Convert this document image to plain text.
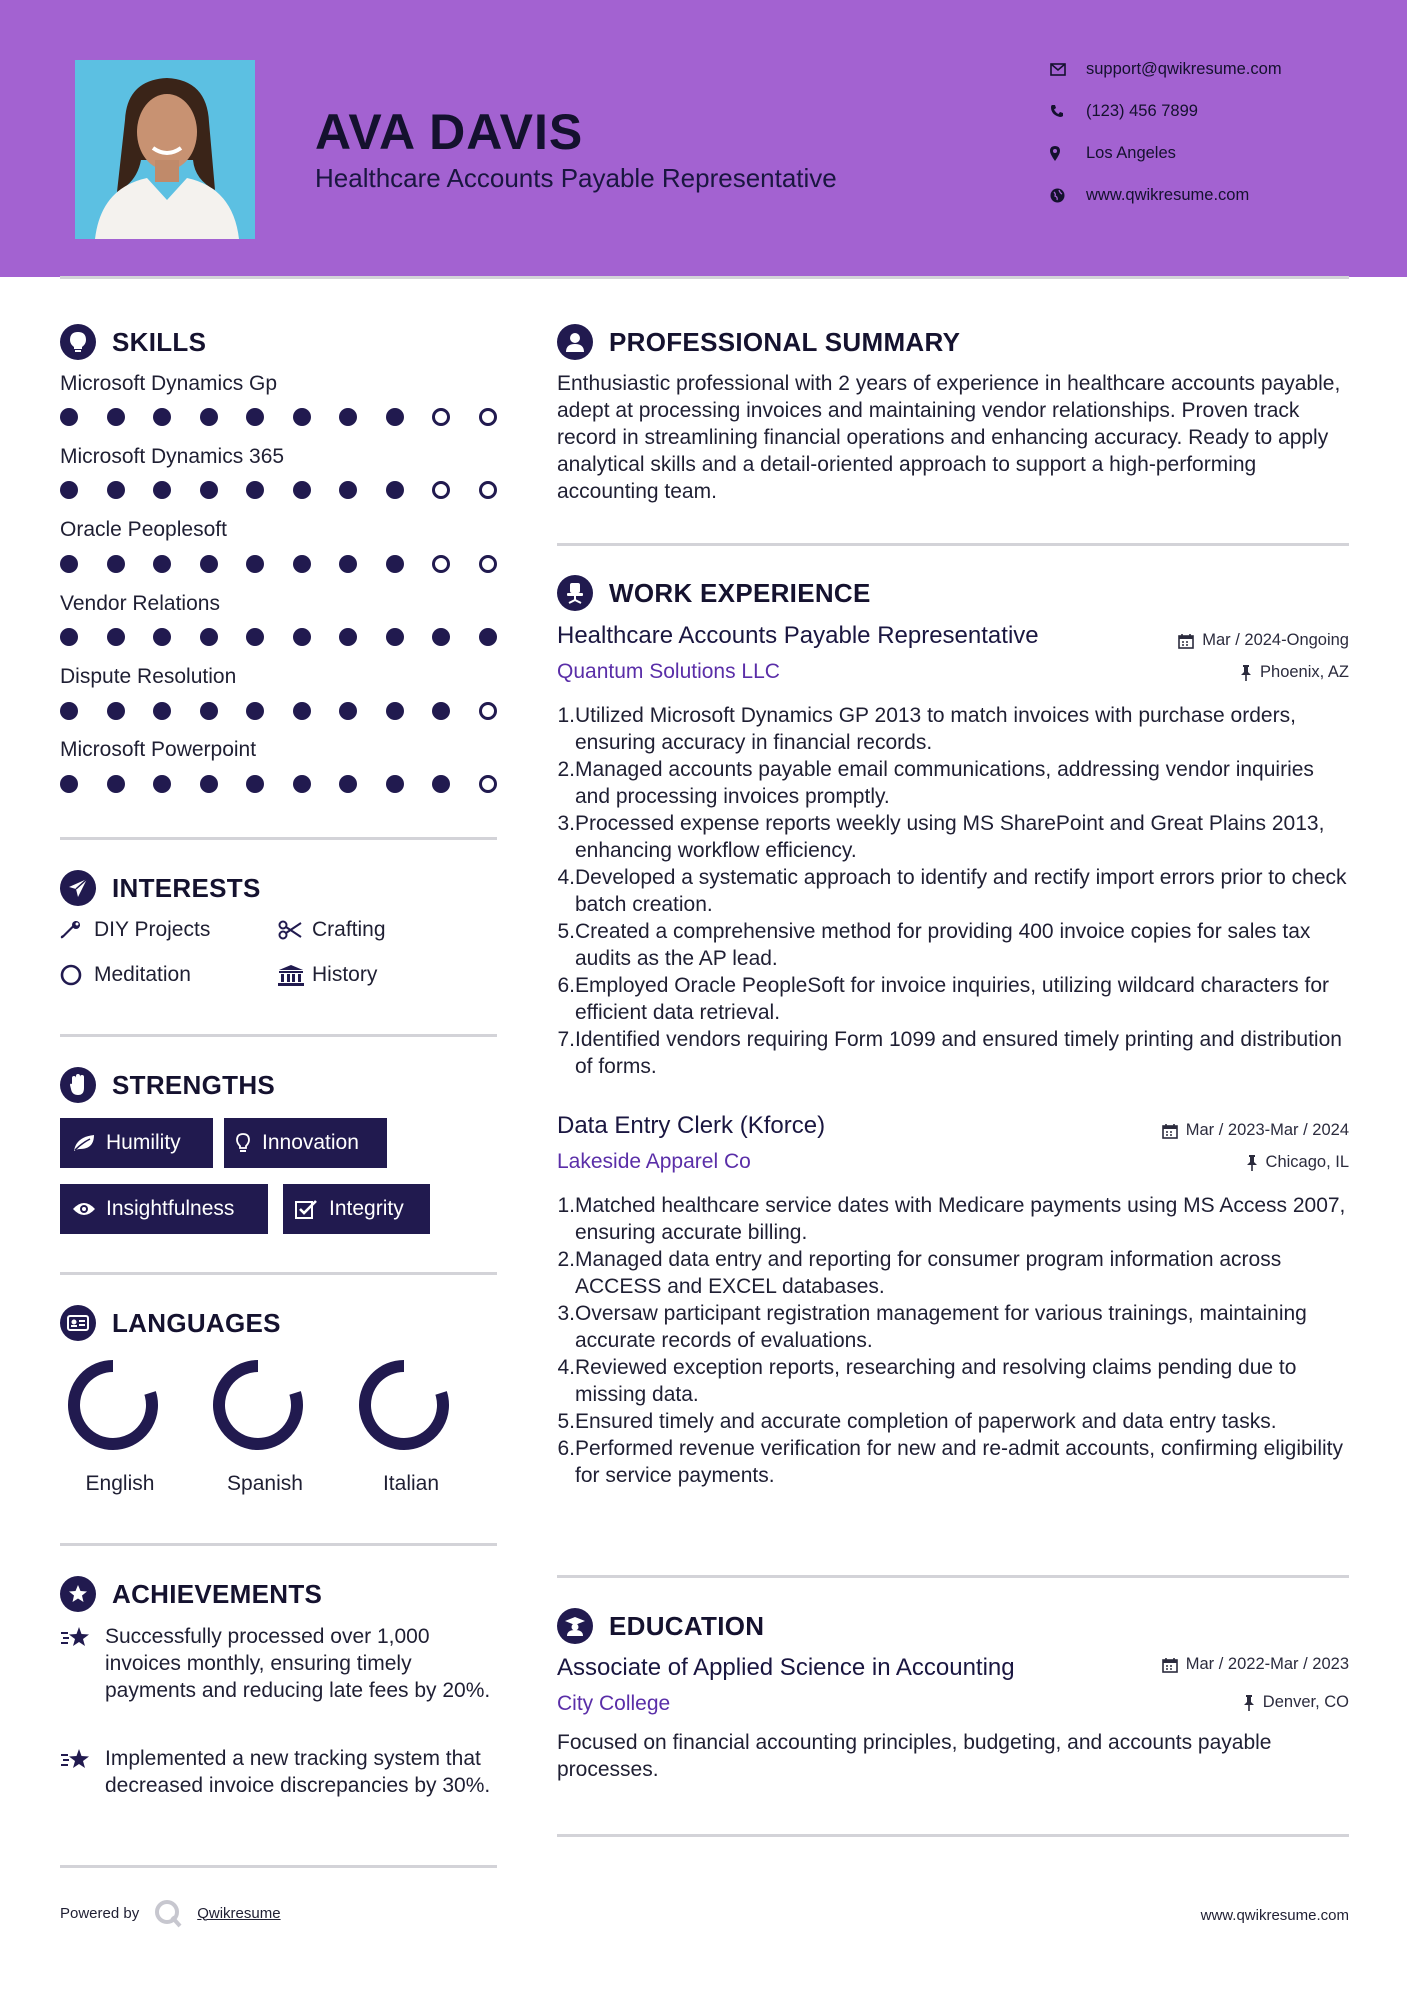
AVA DAVIS
Healthcare Accounts Payable Representative
support@qwikresume.com
(123) 456 7899
Los Angeles
www.qwikresume.com
SKILLS
Microsoft Dynamics Gp
Microsoft Dynamics 365
Oracle Peoplesoft
Vendor Relations
Dispute Resolution
Microsoft Powerpoint
INTERESTS
DIY Projects	Crafting
Meditation	History
STRENGTHS
Humility	Innovation
Insightfulness	Integrity
LANGUAGES
English	Spanish	Italian
ACHIEVEMENTS
Successfully processed over 1,000 invoices monthly, ensuring timely payments and reducing late fees by 20%.
Implemented a new tracking system that decreased invoice discrepancies by 30%.
PROFESSIONAL SUMMARY
Enthusiastic professional with 2 years of experience in healthcare accounts payable, adept at processing invoices and maintaining vendor relationships. Proven track record in streamlining financial operations and enhancing accuracy. Ready to apply analytical skills and a detail-oriented approach to support a high-performing accounting team.
WORK EXPERIENCE
Healthcare Accounts Payable Representative	Mar / 2024-Ongoing
Quantum Solutions LLC	Phoenix, AZ
1. Utilized Microsoft Dynamics GP 2013 to match invoices with purchase orders, ensuring accuracy in financial records.
2. Managed accounts payable email communications, addressing vendor inquiries and processing invoices promptly.
3. Processed expense reports weekly using MS SharePoint and Great Plains 2013, enhancing workflow efficiency.
4. Developed a systematic approach to identify and rectify import errors prior to check batch creation.
5. Created a comprehensive method for providing 400 invoice copies for sales tax audits as the AP lead.
6. Employed Oracle PeopleSoft for invoice inquiries, utilizing wildcard characters for efficient data retrieval.
7. Identified vendors requiring Form 1099 and ensured timely printing and distribution of forms.
Data Entry Clerk (Kforce)	Mar / 2023-Mar / 2024
Lakeside Apparel Co	Chicago, IL
1. Matched healthcare service dates with Medicare payments using MS Access 2007, ensuring accurate billing.
2. Managed data entry and reporting for consumer program information across ACCESS and EXCEL databases.
3. Oversaw participant registration management for various trainings, maintaining accurate records of evaluations.
4. Reviewed exception reports, researching and resolving claims pending due to missing data.
5. Ensured timely and accurate completion of paperwork and data entry tasks.
6. Performed revenue verification for new and re-admit accounts, confirming eligibility for service payments.
EDUCATION
Associate of Applied Science in Accounting	Mar / 2022-Mar / 2023
City College	Denver, CO
Focused on financial accounting principles, budgeting, and accounts payable processes.
Powered by	Qwikresume	www.qwikresume.com
